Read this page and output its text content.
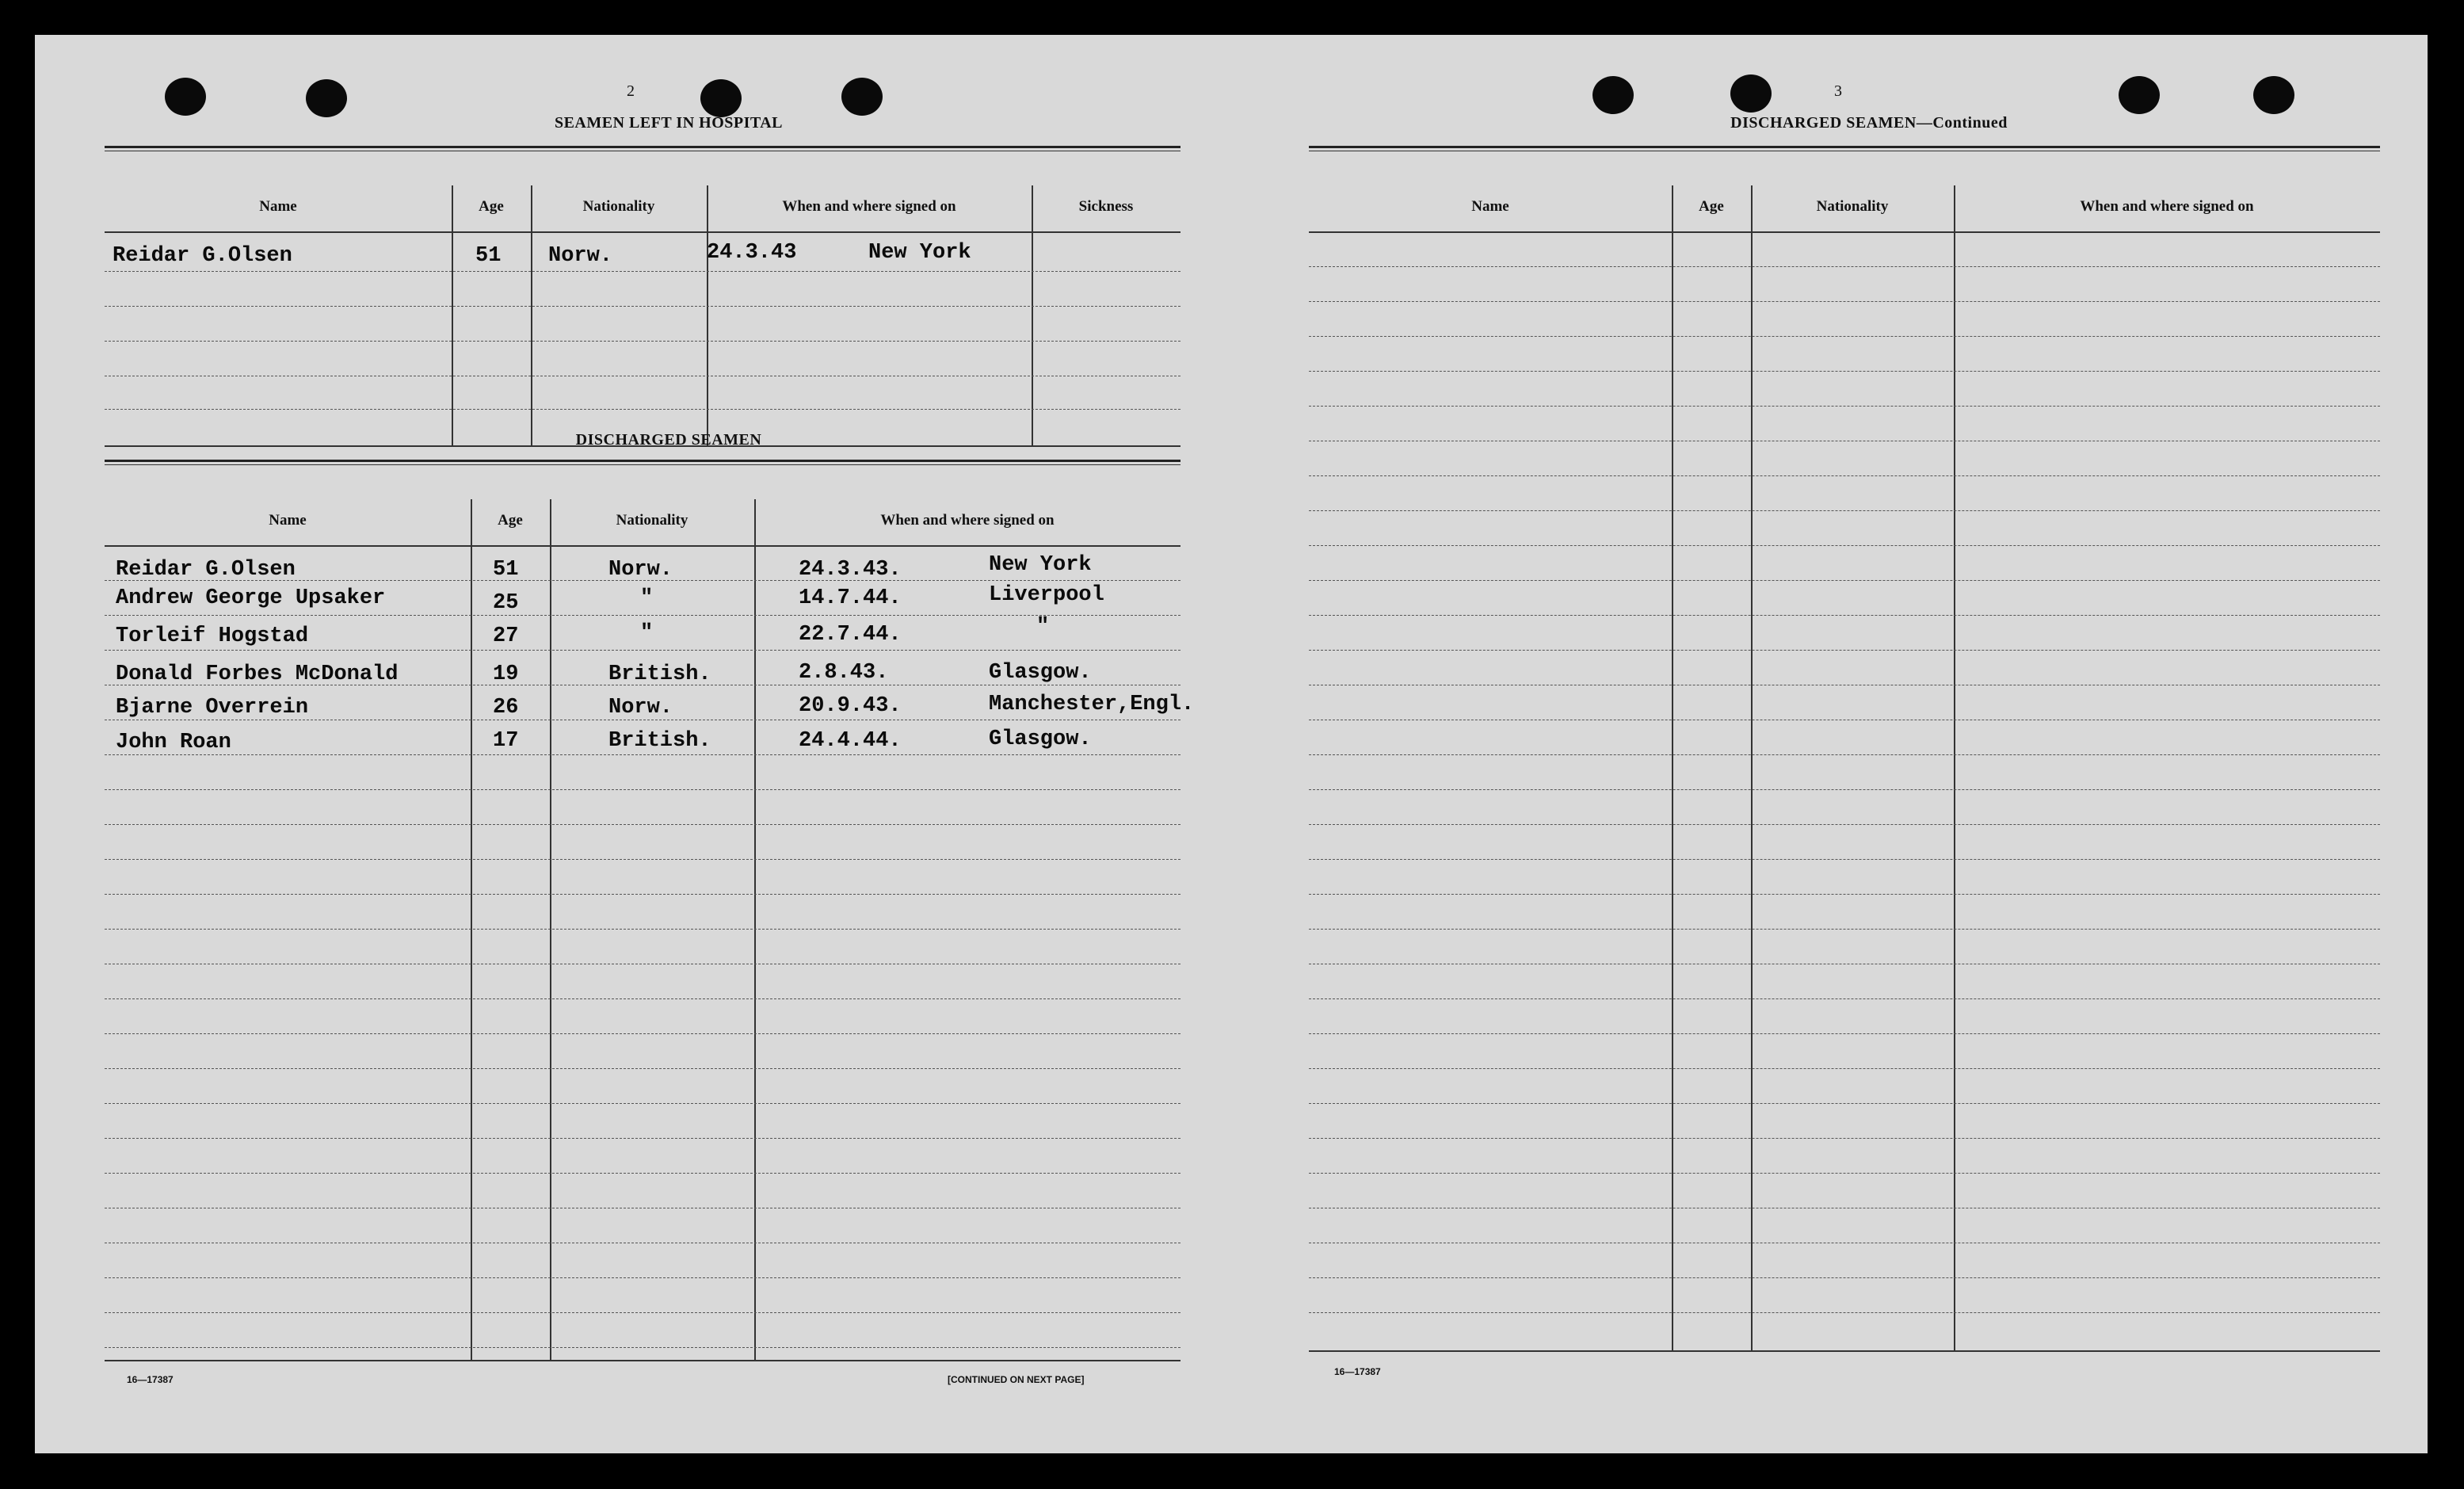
2
SEAMEN LEFT IN HOSPITAL
Name	Age	Nationality	When and where signed on	Sickness
Reidar G.Olsen	51 Norw.	24.3.43	New York
DISCHARGED SEAMEN
Name	Age	Nationality	When and where signed on
Reidar G.Olsen	51	Norw.	24.3.43.	New York
Andrew George Upsaker	25	"	14.7.44.	Liverpool
Torleif Hogstad	27	"	22.7.44.	"
Donald Forbes McDonald	19	British.	2.8.43.	Glasgow.
Bjarne Overrein	26	Norw.	20.9.43.	Manchester,Engl.
John Roan	17	British.	24.4.44.	Glasgow.
16—17387	[CONTINUED ON NEXT PAGE]
3
DISCHARGED SEAMEN—Continued
Name	Age	Nationality	When and where signed on
16—17387
